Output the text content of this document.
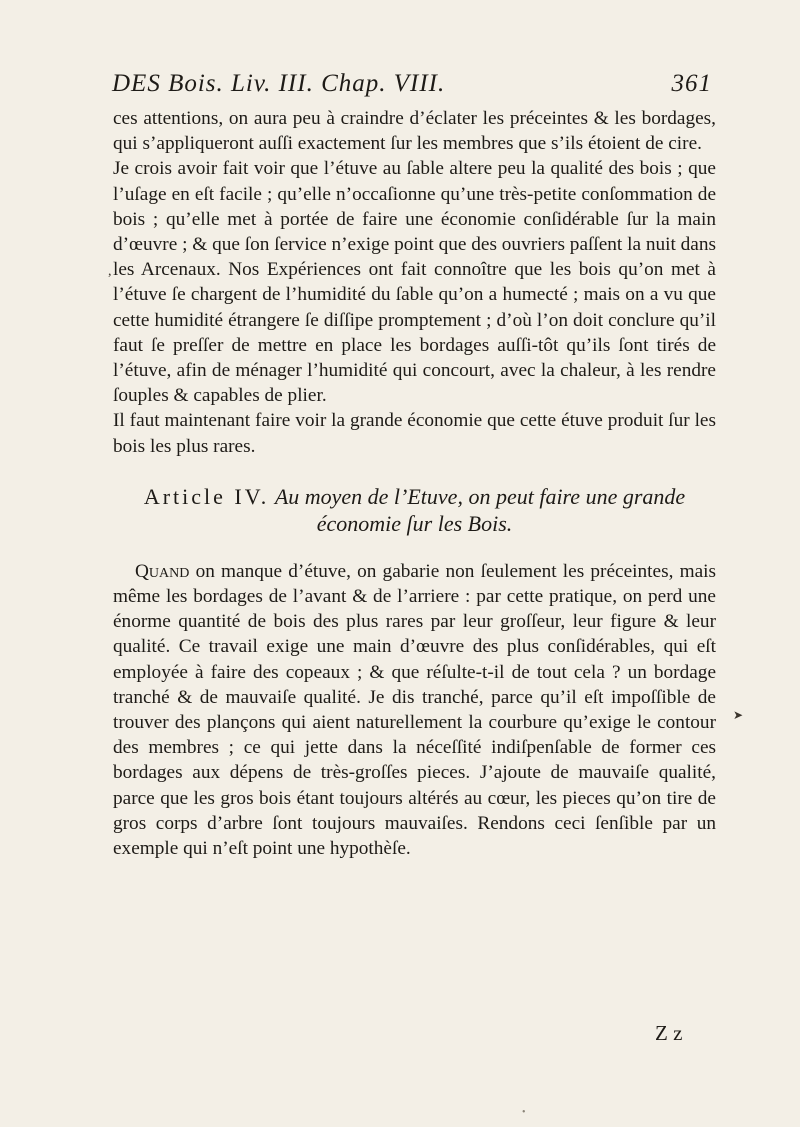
DES Bois. Liv. III. Chap. VIII.	361
,
➤
•

ces attentions, on aura peu à craindre d’éclater les préceintes & les bordages, qui s’appliqueront auſſi exactement ſur les membres que s’ils étoient de cire.

Je crois avoir fait voir que l’étuve au ſable altere peu la qualité des bois ; que l’uſage en eſt facile ; qu’elle n’occaſionne qu’une très-petite conſommation de bois ; qu’elle met à portée de faire une économie conſidérable ſur la main d’œuvre ; & que ſon ſervice n’exige point que des ouvriers paſſent la nuit dans les Arcenaux. Nos Expériences ont fait connoître que les bois qu’on met à l’étuve ſe chargent de l’humidité du ſable qu’on a humecté ; mais on a vu que cette humidité étrangere ſe diſſipe promptement ; d’où l’on doit conclure qu’il faut ſe preſſer de mettre en place les bordages auſſi-tôt qu’ils ſont tirés de l’étuve, afin de ménager l’humidité qui concourt, avec la chaleur, à les rendre ſouples & capables de plier.

Il faut maintenant faire voir la grande économie que cette étuve produit ſur les bois les plus rares.

Article IV. Au moyen de l’Etuve, on peut faire une grande économie ſur les Bois.

Quand on manque d’étuve, on gabarie non ſeulement les préceintes, mais même les bordages de l’avant & de l’arriere : par cette pratique, on perd une énorme quantité de bois des plus rares par leur groſſeur, leur figure & leur qualité. Ce travail exige une main d’œuvre des plus conſidérables, qui eſt employée à faire des copeaux ; & que réſulte-t-il de tout cela ? un bordage tranché & de mauvaiſe qualité. Je dis tranché, parce qu’il eſt impoſſible de trouver des plançons qui aient naturellement la courbure qu’exige le contour des membres ; ce qui jette dans la néceſſité indiſpenſable de former ces bordages aux dépens de très-groſſes pieces. J’ajoute de mauvaiſe qualité, parce que les gros bois étant toujours altérés au cœur, les pieces qu’on tire de gros corps d’arbre ſont toujours mauvaiſes. Rendons ceci ſenſible par un exemple qui n’eſt point une hypothèſe.

Z z
